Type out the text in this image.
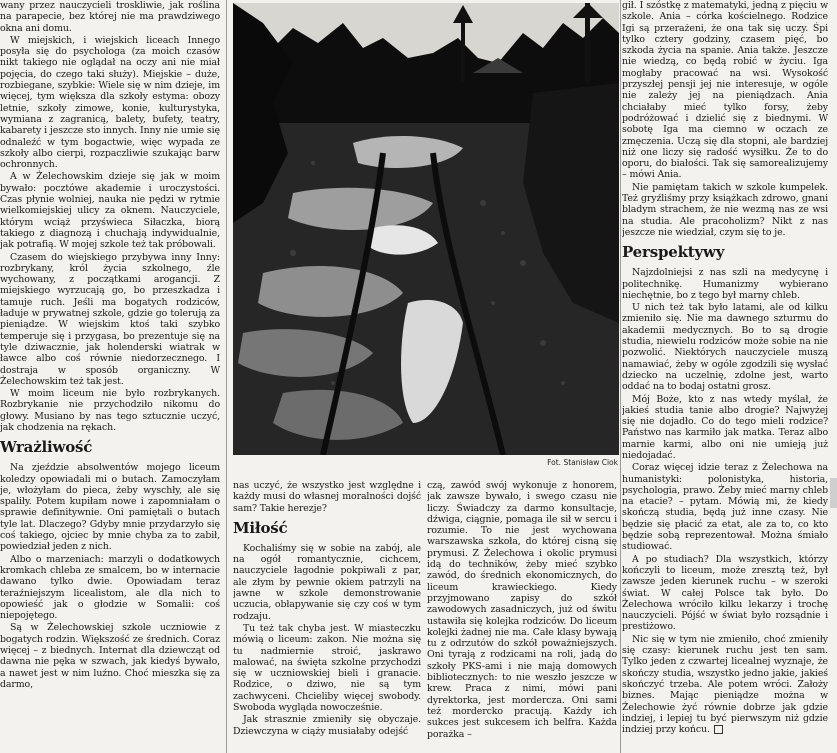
wany przez nauczycieli troskliwie, jak roślina na parapecie, bez której nie ma prawdziwego okna ani domu.

W miejskich, i wiejskich liceach Innego posyła się do psychologa (za moich czasów nikt takiego nie oglądał na oczy ani nie miał pojęcia, do czego taki służy). Miejskie – duże, rozbiegane, szybkie: Wiele się w nim dzieje, im więcej, tym większa dla szkoły estyma: obozy letnie, szkoły zimowe, konie, kulturystyka, wymiana z zagranicą, balety, bufety, teatry, kabarety i jeszcze sto innych. Inny nie umie się odnaleźć w tym bogactwie, więc wypada ze szkoły albo cierpi, rozpaczliwie szukając barw ochronnych.

A w Żelechowskim dzieje się jak w moim bywało: pocztówe akademie i uroczystości. Czas płynie wolniej, nauka nie pędzi w rytmie wielkomiejskiej ulicy za oknem. Nauczyciele, którym wciąż przyświeca Siłaczka, biorą takiego z diagnozą i chuchają indywidualnie, jak potrafią. W mojej szkole też tak próbowali.

Czasem do wiejskiego przybywa inny Inny: rozbrykany, król życia szkolnego, źle wychowany, z początkami arogancji. Z miejskiego wyrzucają go, bo przeszkadza i tamuje ruch. Jeśli ma bogatych rodziców, ładuje w prywatnej szkole, gdzie go tolerują za pieniądze. W wiejskim ktoś taki szybko temperuje się i przygasa, bo prezentuje się na tyle dziwacznie, jak holenderski wiatrak w ławce albo coś równie niedorzecznego. I dostraja w sposób organiczny. W Żelechowskim też tak jest.

W moim liceum nie było rozbrykanych. Rozbrykanie nie przychodziło nikomu do głowy. Musiano by nas tego sztucznie uczyć, jak chodzenia na rękach.

Wrażliwość

Na zjeździe absolwentów mojego liceum koledzy opowiadali mi o butach. Zamoczyłam je, włożyłam do pieca, żeby wyschły, ale się spaliły. Potem kupiłam nowe i zapomniałam o sprawie definitywnie. Oni pamiętali o butach tyle lat. Dlaczego? Gdyby mnie przydarzyło się coś takiego, ojciec by mnie chyba za to zabił, powiedział jeden z nich.

Albo o marzeniach: marzyli o dodatkowych kromkach chleba ze smalcem, bo w internacie dawano tylko dwie. Opowiadam teraz teraźniejszym licealistom, ale dla nich to opowieść jak o głodzie w Somalii: coś niepojętego.

Są w Żelechowskiej szkole uczniowie z bogatych rodzin. Większość ze średnich. Coraz więcej – z biednych. Internat dla dziewcząt od dawna nie pęka w szwach, jak kiedyś bywało, a nawet jest w nim luźno. Choć mieszka się za darmo,

Fot. Stanisław Ciok

nas uczyć, że wszystko jest względne i każdy musi do własnej moralności dojść sam? Takie herezje?

Miłość

Kochaliśmy się w sobie na zabój, ale na ogół romantycznie, cichcem, nauczyciele łagodnie pokpiwali z par, ale złym by pewnie okiem patrzyli na jawne w szkole demonstrowanie uczucia, obłapywanie się czy coś w tym rodzaju.

Tu też tak chyba jest. W miasteczku mówią o liceum: zakon. Nie można się tu nadmiernie stroić, jaskrawo malować, na święta szkolne przychodzi się w uczniowskiej bieli i granacie. Rodzice, o dziwo, nie są tym zachwyceni. Chcieliby więcej swobody. Swoboda wygląda nowocześnie.

Jak strasznie zmieniły się obyczaje. Dziewczyna w ciąży musiałaby odejść

czą, zawód swój wykonuje z honorem, jak zawsze bywało, i swego czasu nie liczy. Świadczy za darmo konsultacje, dźwiga, ciągnie, pomaga ile sił w sercu i rozumie. To nie jest wychowana warszawska szkoła, do której cisną się prymusi. Z Żelechowa i okolic prymusi idą do techników, żeby mieć szybko zawód, do średnich ekonomicznych, do liceum krawieckiego. Kiedy przyjmowano zapisy do szkół zawodowych zasadniczych, już od świtu ustawiła się kolejka rodziców. Do liceum kolejki żadnej nie ma. Całe klasy bywają tu z odrzutów do szkół poważniejszych. Oni tyrają z rodzicami na roli, jadą do szkoły PKS-ami i nie mają domowych bibliotecznych: to nie weszło jeszcze w krew. Praca z nimi, mówi pani dyrektorka, jest mordercza. Oni sami też mordercko pracują. Każdy ich sukces jest sukcesem ich belfra. Każda porażka –

gił. I szóstkę z matematyki, jedną z pięciu w szkole. Ania – córka kościelnego. Rodzice Igi są przerażeni, że ona tak się uczy. Śpi tylko cztery godziny, czasem pięć, bo szkoda życia na spanie. Ania także. Jeszcze nie wiedzą, co będą robić w życiu. Iga mogłaby pracować na wsi. Wysokość przyszłej pensji jej nie interesuje, w ogóle nie zależy jej na pieniądzach. Ania chciałaby mieć tylko forsy, żeby podróżować i dzielić się z biednymi. W sobotę Iga ma ciemno w oczach ze zmęczenia. Uczą się dla stopni, ale bardziej niż one liczy się radość wysiłku. Że to do oporu, do białości. Tak się samorealizujemy – mówi Ania.

Nie pamiętam takich w szkole kumpelek. Też gryźliśmy przy książkach zdrowo, gnani bladym strachem, że nie wezmą nas ze wsi na studia. Ale pracoholizm? Nikt z nas jeszcze nie wiedział, czym się to je.

Perspektywy

Najzdolniejsi z nas szli na medycynę i politechnikę. Humanizmy wybierano niechętnie, bo z tego był marny chleb.

U nich też tak było latami, ale od kilku zmieniło się. Nie ma dawnego szturmu do akademii medycznych. Bo to są drogie studia, niewielu rodziców może sobie na nie pozwolić. Niektórych nauczyciele muszą namawiać, żeby w ogóle zgodzili się wysłać dziecko na uczelnię, zdolne jest, warto oddać na to bodaj ostatni grosz.

Mój Boże, kto z nas wtedy myślał, że jakieś studia tanie albo drogie? Najwyżej się nie dojadło. Co do tego mieli rodzice? Państwo nas karmiło jak matka. Teraz albo marnie karmi, albo oni nie umieją już niedojadać.

Coraz więcej idzie teraz z Żelechowa na humanistyki: polonistyka, historia, psychologia, prawo. Żeby mieć marny chleb na etacie? – pytam. Mówią mi, że kiedy skończą studia, będą już inne czasy. Nie będzie się płacić za etat, ale za to, co kto będzie sobą reprezentował. Można śmiało studiować.

A po studiach? Dla wszystkich, którzy kończyli to liceum, może zresztą też, był zawsze jeden kierunek ruchu – w szeroki świat. W całej Polsce tak było. Do Żelechowa wróciło kilku lekarzy i trochę nauczycieli. Pójść w świat było rozsądnie i prestiżowo.

Nic się w tym nie zmieniło, choć zmieniły się czasy: kierunek ruchu jest ten sam. Tylko jeden z czwartej licealnej wyznaje, że skończy studia, wszystko jedno jakie, jakieś skończyć trzeba. Ale potem wróci. Założy biznes. Mając pieniądze można w Żelechowie żyć równie dobrze jak gdzie indziej, i lepiej tu być pierwszym niż gdzie indziej przy końcu.
